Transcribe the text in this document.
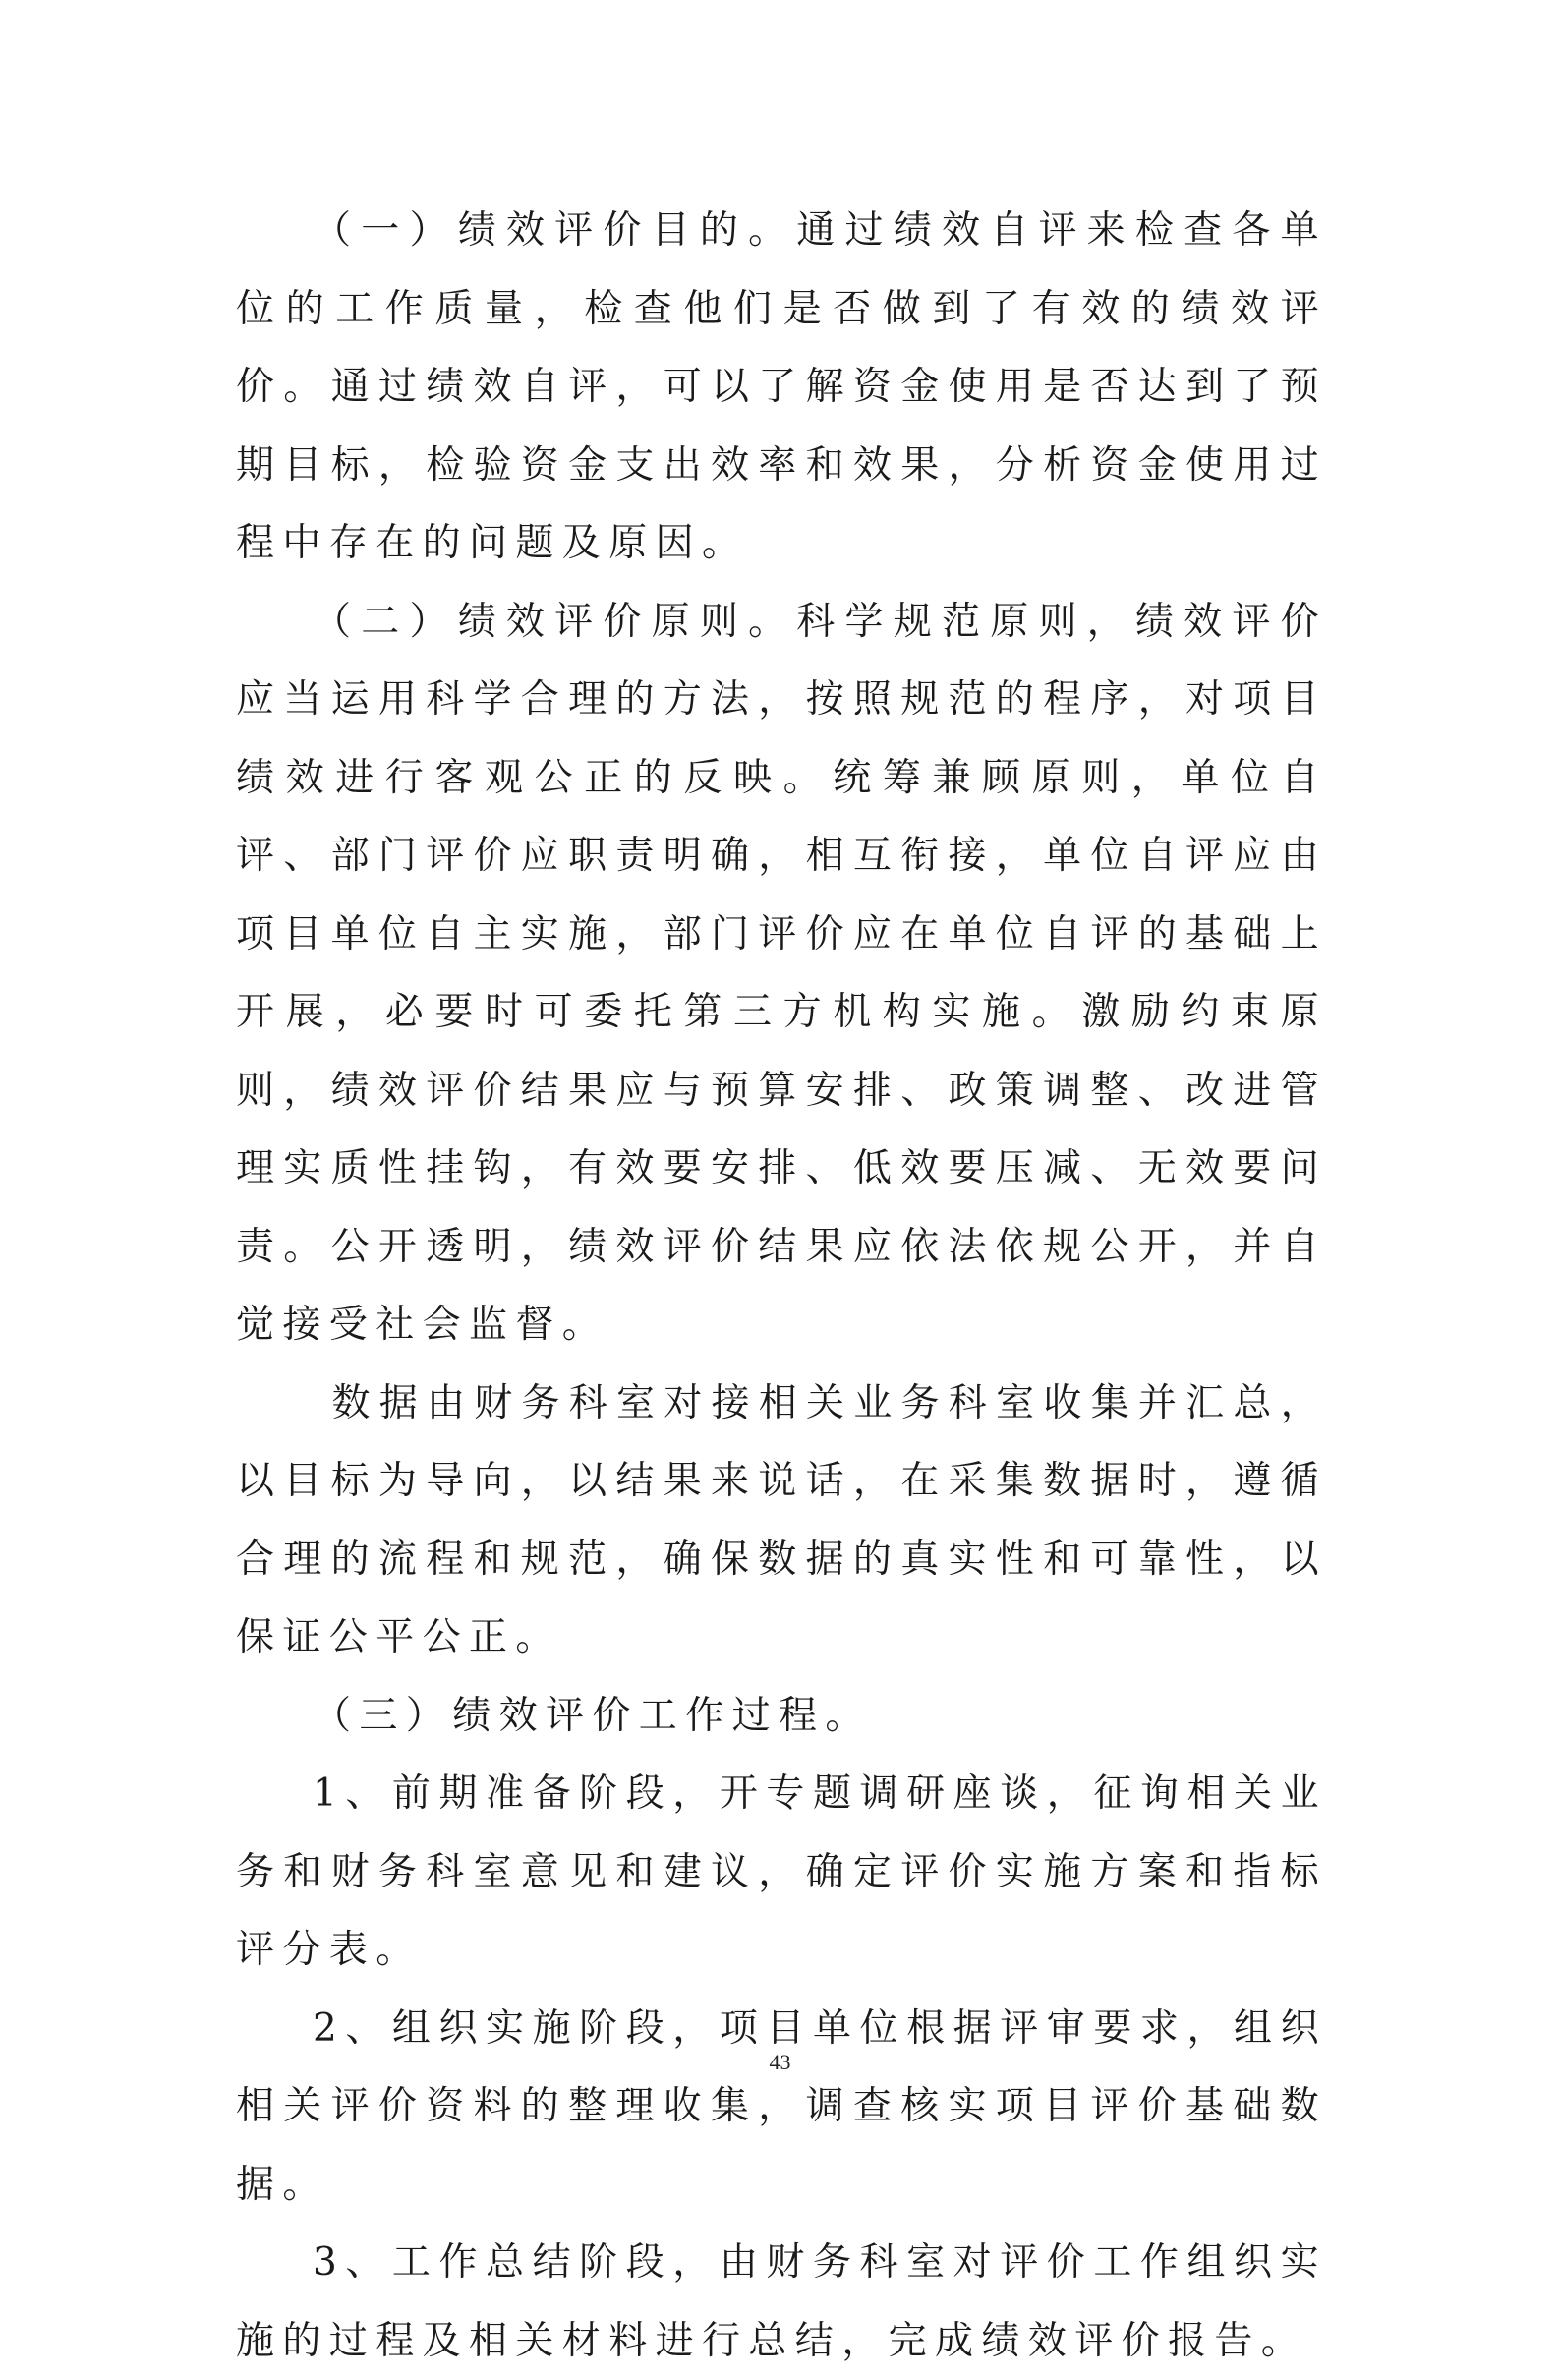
（一）绩效评价目的。通过绩效自评来检查各单位的工作质量，检查他们是否做到了有效的绩效评价。通过绩效自评，可以了解资金使用是否达到了预期目标，检验资金支出效率和效果，分析资金使用过程中存在的问题及原因。

（二）绩效评价原则。科学规范原则，绩效评价应当运用科学合理的方法，按照规范的程序，对项目绩效进行客观公正的反映。统筹兼顾原则，单位自评、部门评价应职责明确，相互衔接，单位自评应由项目单位自主实施，部门评价应在单位自评的基础上开展，必要时可委托第三方机构实施。激励约束原则，绩效评价结果应与预算安排、政策调整、改进管理实质性挂钩，有效要安排、低效要压减、无效要问责。公开透明，绩效评价结果应依法依规公开，并自觉接受社会监督。

数据由财务科室对接相关业务科室收集并汇总，以目标为导向，以结果来说话，在采集数据时，遵循合理的流程和规范，确保数据的真实性和可靠性，以保证公平公正。

（三）绩效评价工作过程。

1、前期准备阶段，开专题调研座谈，征询相关业务和财务科室意见和建议，确定评价实施方案和指标评分表。

2、组织实施阶段，项目单位根据评审要求，组织相关评价资料的整理收集，调查核实项目评价基础数据。

3、工作总结阶段，由财务科室对评价工作组织实施的过程及相关材料进行总结，完成绩效评价报告。

43
